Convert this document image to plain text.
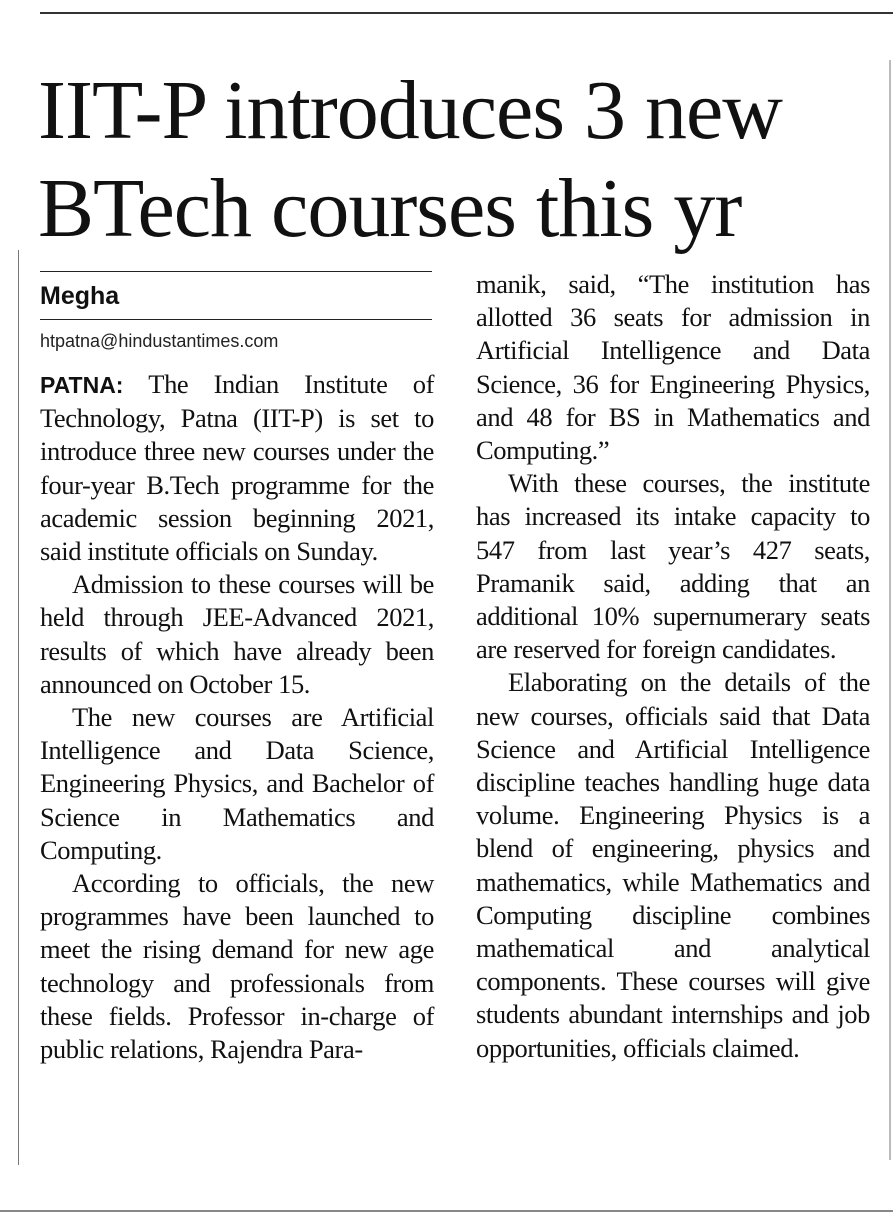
IIT-P introduces 3 new BTech courses this yr

Megha

htpatna@hindustantimes.com

PATNA: The Indian Institute of Technology, Patna (IIT-P) is set to introduce three new courses under the four-year B.Tech programme for the academic session beginning 2021, said institute officials on Sunday.

Admission to these courses will be held through JEE-Advanced 2021, results of which have already been announced on October 15.

The new courses are Artificial Intelligence and Data Science, Engineering Physics, and Bachelor of Science in Mathematics and Computing.

According to officials, the new programmes have been launched to meet the rising demand for new age technology and professionals from these fields. Professor in-charge of public relations, Rajendra Para-

manik, said, “The institution has allotted 36 seats for admission in Artificial Intelligence and Data Science, 36 for Engineering Physics, and 48 for BS in Mathematics and Computing.”

With these courses, the institute has increased its intake capacity to 547 from last year’s 427 seats, Pramanik said, adding that an additional 10% supernumerary seats are reserved for foreign candidates.

Elaborating on the details of the new courses, officials said that Data Science and Artificial Intelligence discipline teaches handling huge data volume. Engineering Physics is a blend of engineering, physics and mathematics, while Mathematics and Computing discipline combines mathematical and analytical components. These courses will give students abundant internships and job opportunities, officials claimed.
